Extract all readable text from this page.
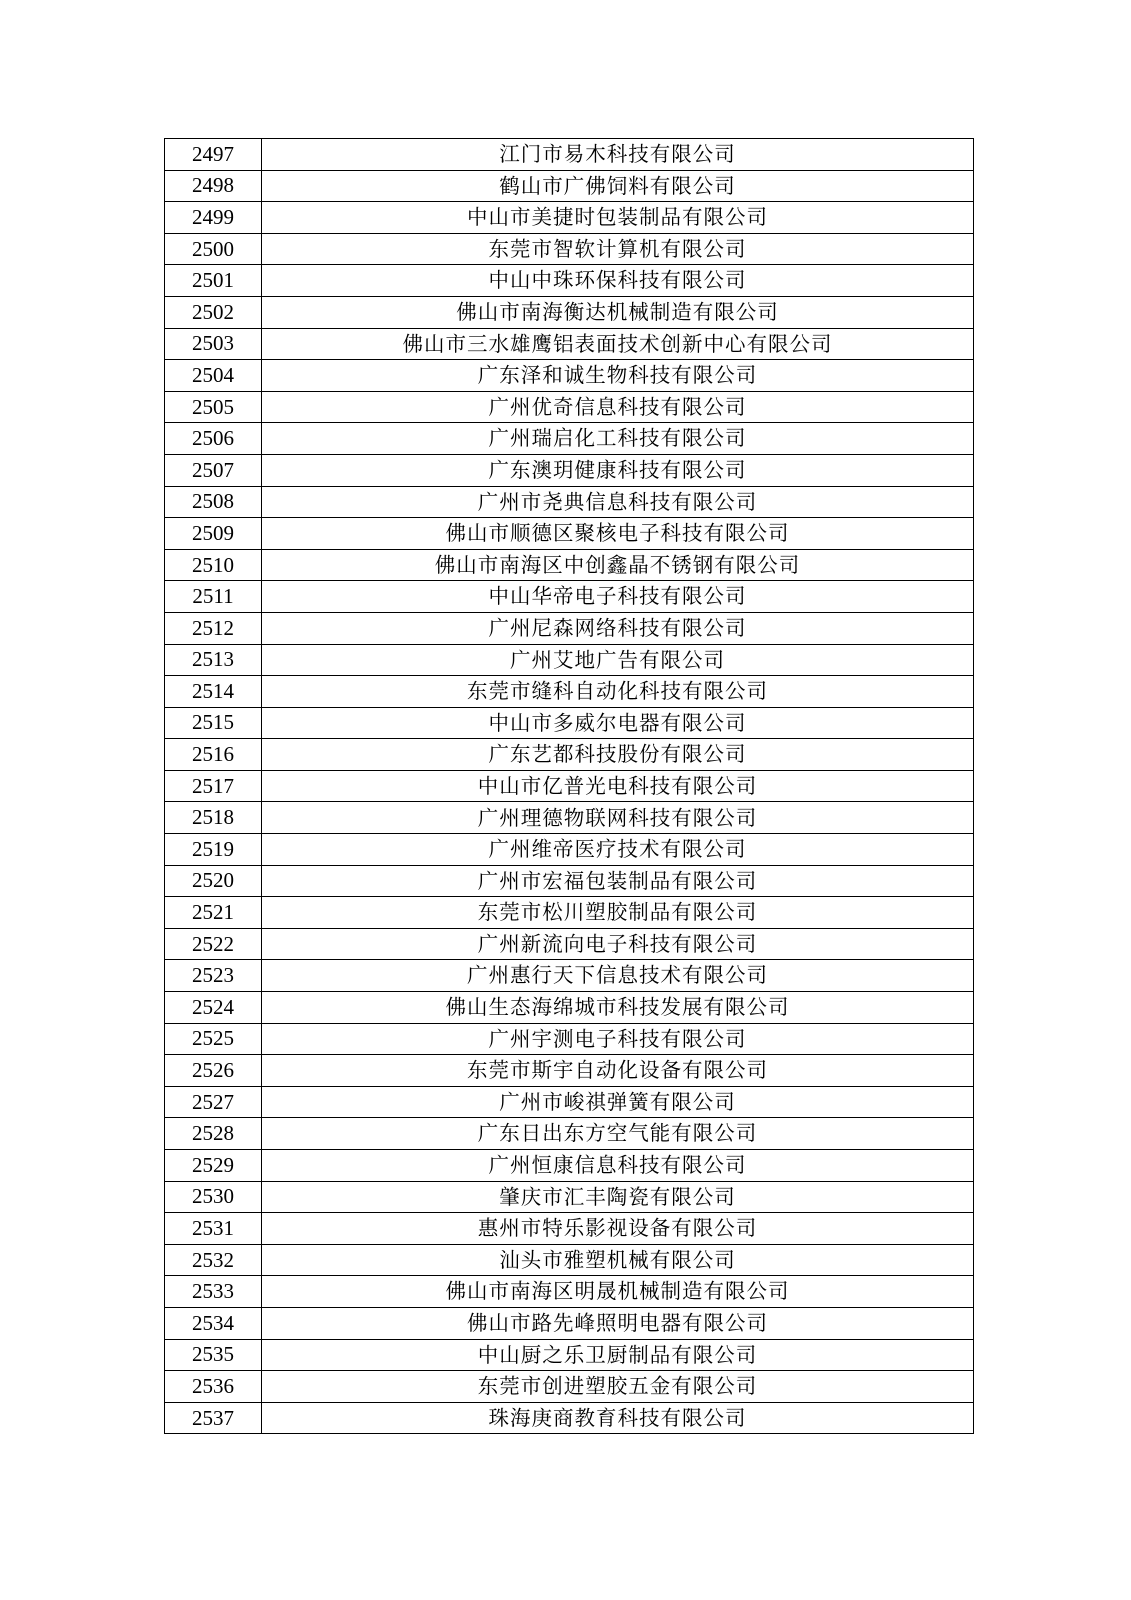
2497	江门市易木科技有限公司
2498	鹤山市广佛饲料有限公司
2499	中山市美捷时包装制品有限公司
2500	东莞市智软计算机有限公司
2501	中山中珠环保科技有限公司
2502	佛山市南海衡达机械制造有限公司
2503	佛山市三水雄鹰铝表面技术创新中心有限公司
2504	广东泽和诚生物科技有限公司
2505	广州优奇信息科技有限公司
2506	广州瑞启化工科技有限公司
2507	广东澳玥健康科技有限公司
2508	广州市尧典信息科技有限公司
2509	佛山市顺德区聚核电子科技有限公司
2510	佛山市南海区中创鑫晶不锈钢有限公司
2511	中山华帝电子科技有限公司
2512	广州尼森网络科技有限公司
2513	广州艾地广告有限公司
2514	东莞市缝科自动化科技有限公司
2515	中山市多威尔电器有限公司
2516	广东艺都科技股份有限公司
2517	中山市亿普光电科技有限公司
2518	广州理德物联网科技有限公司
2519	广州维帝医疗技术有限公司
2520	广州市宏福包装制品有限公司
2521	东莞市松川塑胶制品有限公司
2522	广州新流向电子科技有限公司
2523	广州惠行天下信息技术有限公司
2524	佛山生态海绵城市科技发展有限公司
2525	广州宇测电子科技有限公司
2526	东莞市斯宇自动化设备有限公司
2527	广州市峻祺弹簧有限公司
2528	广东日出东方空气能有限公司
2529	广州恒康信息科技有限公司
2530	肇庆市汇丰陶瓷有限公司
2531	惠州市特乐影视设备有限公司
2532	汕头市雅塑机械有限公司
2533	佛山市南海区明晟机械制造有限公司
2534	佛山市路先峰照明电器有限公司
2535	中山厨之乐卫厨制品有限公司
2536	东莞市创进塑胶五金有限公司
2537	珠海庚商教育科技有限公司
